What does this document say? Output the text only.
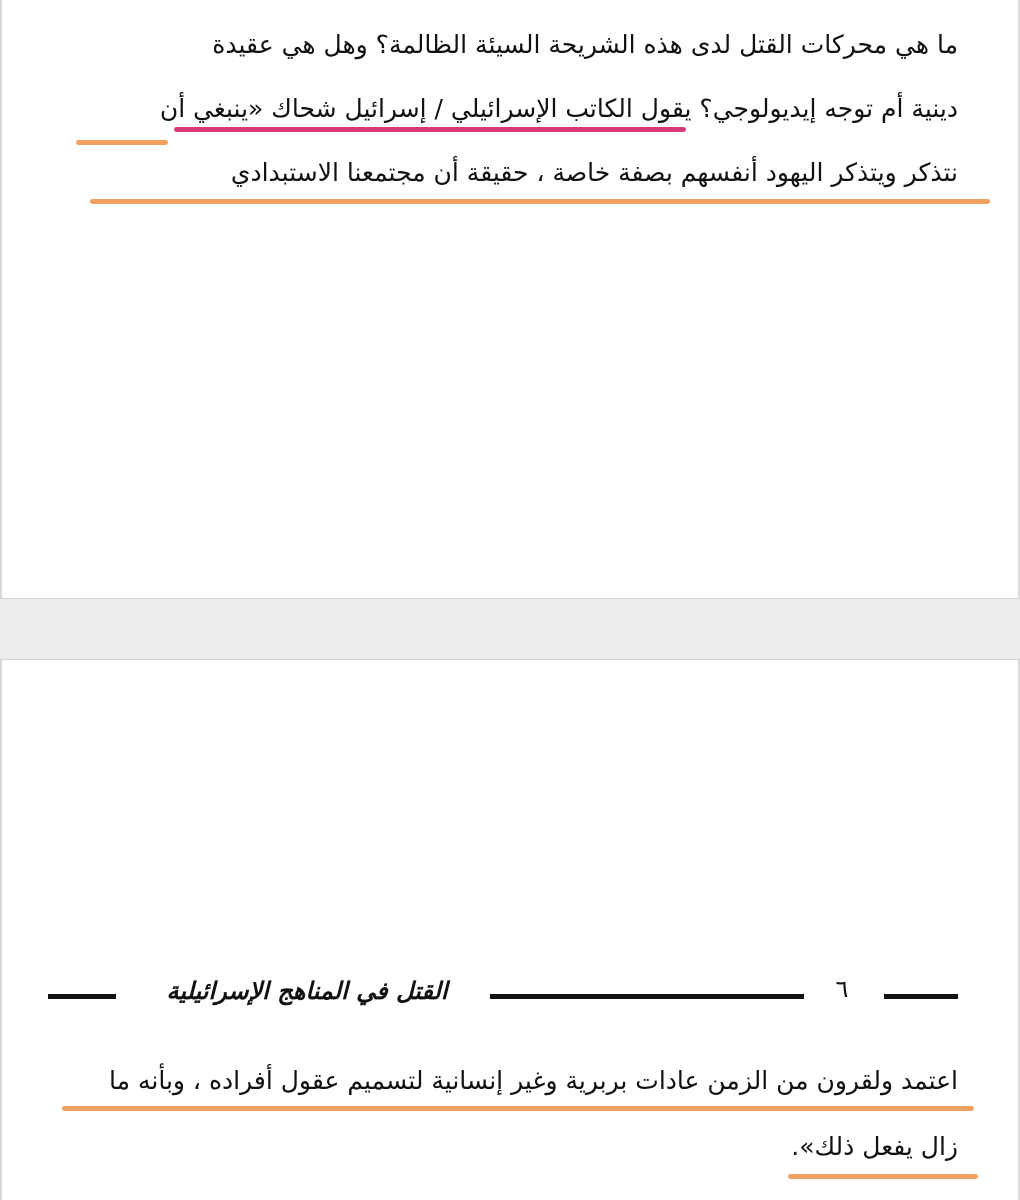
ما هي محركات القتل لدى هذه الشريحة السيئة الظالمة؟ وهل هي عقيدة
دينية أم توجه إيديولوجي؟ يقول الكاتب الإسرائيلي / إسرائيل شحاك «ينبغي أن
نتذكر ويتذكر اليهود أنفسهم بصفة خاصة ، حقيقة أن مجتمعنا الاستبدادي
القتل في المناهج الإسرائيلية	٦
اعتمد ولقرون من الزمن عادات بربرية وغير إنسانية لتسميم عقول أفراده ، وبأنه ما
زال يفعل ذلك».
